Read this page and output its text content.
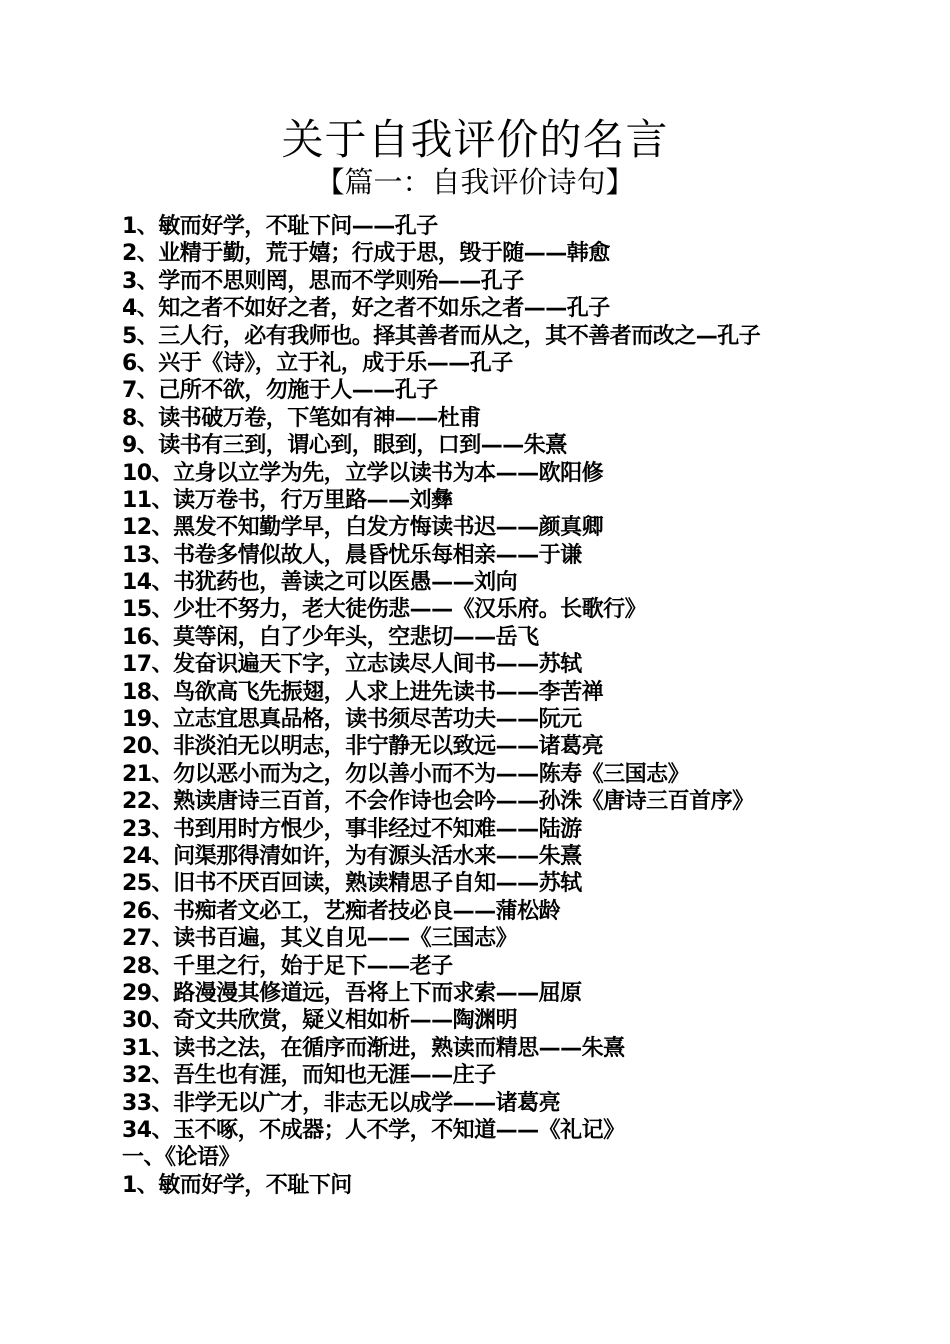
关于自我评价的名言
【篇一：自我评价诗句】
1、敏而好学，不耻下问——孔子
2、业精于勤，荒于嬉；行成于思，毁于随——韩愈
3、学而不思则罔，思而不学则殆——孔子
4、知之者不如好之者，好之者不如乐之者——孔子
5、三人行，必有我师也。择其善者而从之，其不善者而改之—孔子
6、兴于《诗》，立于礼，成于乐——孔子
7、己所不欲，勿施于人——孔子
8、读书破万卷，下笔如有神——杜甫
9、读书有三到，谓心到，眼到，口到——朱熹
10、立身以立学为先，立学以读书为本——欧阳修
11、读万卷书，行万里路——刘彝
12、黑发不知勤学早，白发方悔读书迟——颜真卿
13、书卷多情似故人，晨昏忧乐每相亲——于谦
14、书犹药也，善读之可以医愚——刘向
15、少壮不努力，老大徒伤悲——《汉乐府。长歌行》
16、莫等闲，白了少年头，空悲切——岳飞
17、发奋识遍天下字，立志读尽人间书——苏轼
18、鸟欲高飞先振翅，人求上进先读书——李苦禅
19、立志宜思真品格，读书须尽苦功夫——阮元
20、非淡泊无以明志，非宁静无以致远——诸葛亮
21、勿以恶小而为之，勿以善小而不为——陈寿《三国志》
22、熟读唐诗三百首，不会作诗也会吟——孙洙《唐诗三百首序》
23、书到用时方恨少，事非经过不知难——陆游
24、问渠那得清如许，为有源头活水来——朱熹
25、旧书不厌百回读，熟读精思子自知——苏轼
26、书痴者文必工，艺痴者技必良——蒲松龄
27、读书百遍，其义自见——《三国志》
28、千里之行，始于足下——老子
29、路漫漫其修道远，吾将上下而求索——屈原
30、奇文共欣赏，疑义相如析——陶渊明
31、读书之法，在循序而渐进，熟读而精思——朱熹
32、吾生也有涯，而知也无涯——庄子
33、非学无以广才，非志无以成学——诸葛亮
34、玉不啄，不成器；人不学，不知道——《礼记》
一、《论语》
1、敏而好学，不耻下问
